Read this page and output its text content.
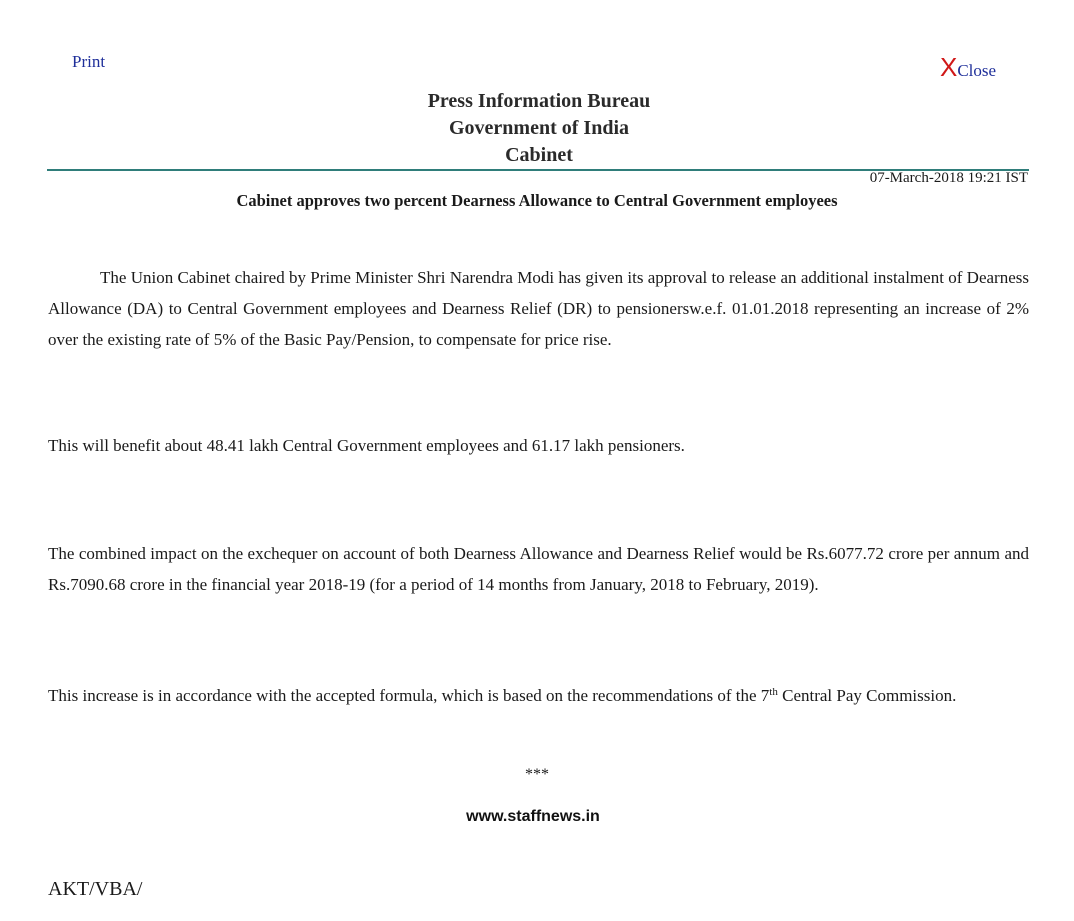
Print	X Close
Press Information Bureau
Government of India
Cabinet
07-March-2018 19:21 IST
Cabinet approves two percent Dearness Allowance to Central Government employees

The Union Cabinet chaired by Prime Minister Shri Narendra Modi has given its approval to release an additional instalment of Dearness Allowance (DA) to Central Government employees and Dearness Relief (DR) to pensionersw.e.f. 01.01.2018 representing an increase of 2% over the existing rate of 5% of the Basic Pay/Pension, to compensate for price rise.

This will benefit about 48.41 lakh Central Government employees and 61.17 lakh pensioners.

The combined impact on the exchequer on account of both Dearness Allowance and Dearness Relief would be Rs.6077.72 crore per annum and Rs.7090.68 crore in the financial year 2018-19 (for a period of 14 months from January, 2018 to February, 2019).

This increase is in accordance with the accepted formula, which is based on the recommendations of the 7th Central Pay Commission.

***
www.staffnews.in
AKT/VBA/
